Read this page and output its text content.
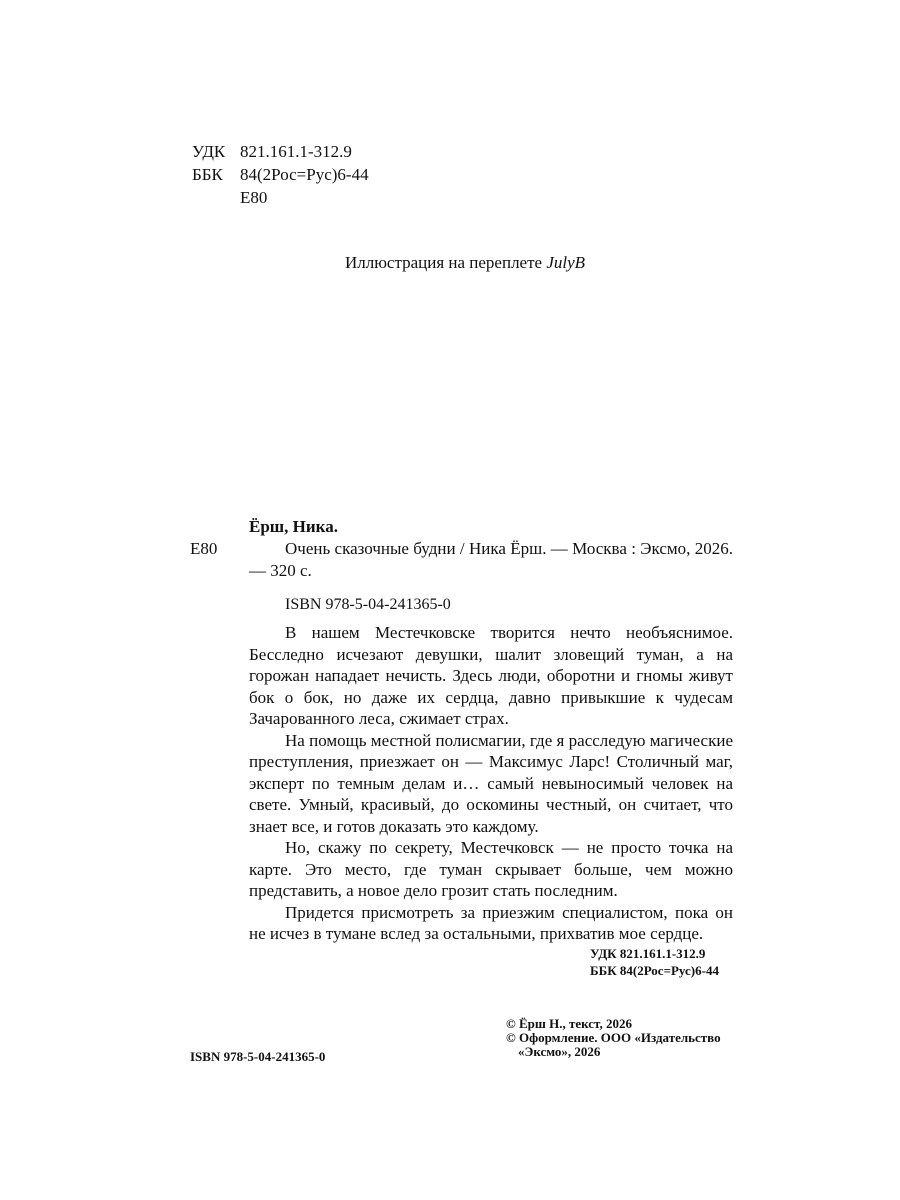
УДК 821.161.1-312.9
ББК 84(2Рос=Рус)6-44
Е80
Иллюстрация на переплете JulyB
Ёрш, Ника.
Е80	Очень сказочные будни / Ника Ёрш. — Москва : Эксмо, 2026. — 320 с.

ISBN 978-5-04-241365-0

В нашем Местечковске творится нечто необъяснимое. Бесследно исчезают девушки, шалит зловещий туман, а на горожан нападает нечисть. Здесь люди, оборотни и гномы живут бок о бок, но даже их сердца, давно привыкшие к чудесам Зачарованного леса, сжимает страх.

На помощь местной полисмагии, где я расследую магические преступления, приезжает он — Максимус Ларс! Столичный маг, эксперт по темным делам и… самый невыносимый человек на свете. Умный, красивый, до оскомины честный, он считает, что знает все, и готов доказать это каждому.

Но, скажу по секрету, Местечковск — не просто точка на карте. Это место, где туман скрывает больше, чем можно представить, а новое дело грозит стать последним.

Придется присмотреть за приезжим специалистом, пока он не исчез в тумане вслед за остальными, прихватив мое сердце.

УДК 821.161.1-312.9
ББК 84(2Рос=Рус)6-44
ISBN 978-5-04-241365-0
© Ёрш Н., текст, 2026
© Оформление. ООО «Издательство
«Эксмо», 2026
